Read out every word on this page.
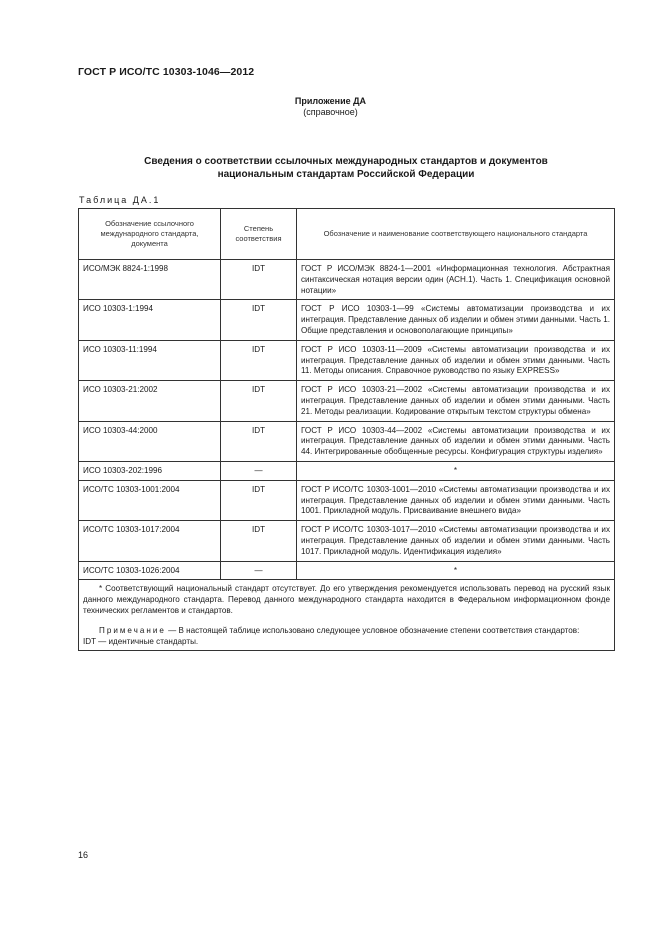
ГОСТ Р ИСО/ТС 10303-1046—2012
Приложение ДА
(справочное)
Сведения о соответствии ссылочных международных стандартов и документов
национальным стандартам Российской Федерации
Таблица ДА.1
Обозначение ссылочного международного стандарта, документа	Степень соответствия	Обозначение и наименование соответствующего национального стандарта
ИСО/МЭК 8824-1:1998	IDT	ГОСТ Р ИСО/МЭК 8824-1—2001 «Информационная технология. Абстрактная синтаксическая нотация версии один (АСН.1). Часть 1. Спецификация основной нотации»
ИСО 10303-1:1994	IDT	ГОСТ Р ИСО 10303-1—99 «Системы автоматизации производства и их интеграция. Представление данных об изделии и обмен этими данными. Часть 1. Общие представления и основополагающие принципы»
ИСО 10303-11:1994	IDT	ГОСТ Р ИСО 10303-11—2009 «Системы автоматизации производства и их интеграция. Представление данных об изделии и обмен этими данными. Часть 11. Методы описания. Справочное руководство по языку EXPRESS»
ИСО 10303-21:2002	IDT	ГОСТ Р ИСО 10303-21—2002 «Системы автоматизации производства и их интеграция. Представление данных об изделии и обмен этими данными. Часть 21. Методы реализации. Кодирование открытым текстом структуры обмена»
ИСО 10303-44:2000	IDT	ГОСТ Р ИСО 10303-44—2002 «Системы автоматизации производства и их интеграция. Представление данных об изделии и обмен этими данными. Часть 44. Интегрированные обобщенные ресурсы. Конфигурация структуры изделия»
ИСО 10303-202:1996	—	*
ИСО/ТС 10303-1001:2004	IDT	ГОСТ Р ИСО/ТС 10303-1001—2010 «Системы автоматизации производства и их интеграция. Представление данных об изделии и обмен этими данными. Часть 1001. Прикладной модуль. Присваивание внешнего вида»
ИСО/ТС 10303-1017:2004	IDT	ГОСТ Р ИСО/ТС 10303-1017—2010 «Системы автоматизации производства и их интеграция. Представление данных об изделии и обмен этими данными. Часть 1017. Прикладной модуль. Идентификация изделия»
ИСО/ТС 10303-1026:2004	—	*

* Соответствующий национальный стандарт отсутствует. До его утверждения рекомендуется использовать перевод на русский язык данного международного стандарта. Перевод данного международного стандарта находится в Федеральном информационном фонде технических регламентов и стандартов.

Примечание — В настоящей таблице использовано следующее условное обозначение степени соответствия стандартов:

IDT — идентичные стандарты.		

16
